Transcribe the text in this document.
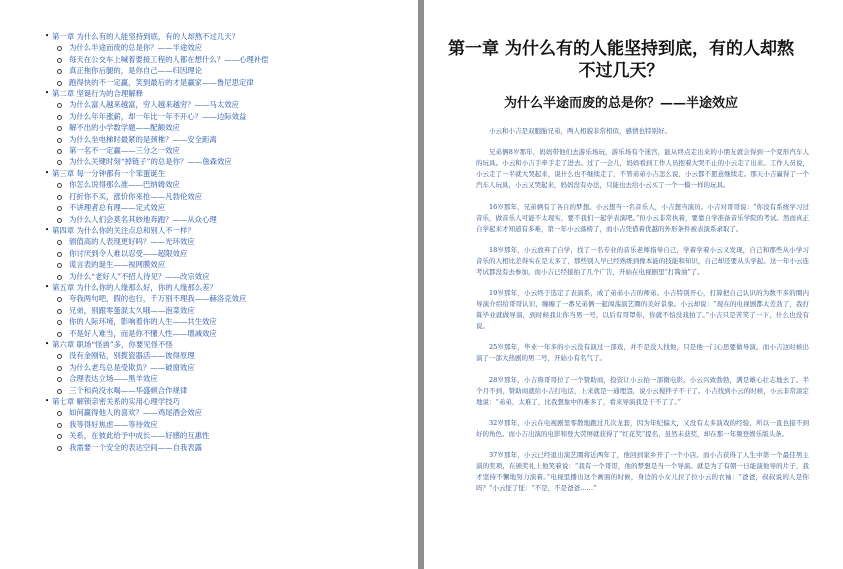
• 第一章 为什么有的人能坚持到底，有的人却熬不过几天？
为什么半途而废的总是你？——半途效应
每天在公交车上喊着要接工程的人都在想什么？——心理补偿
真正拖你后腿的，是你自己——归因理论
跑得快的不一定赢，笑到最后的才是赢家——鲁尼思定律
• 第二章 坚诞行为的合理解释
为什么富人越来越富，穷人越来越穷？——马太效应
为什么年年涨薪，却一年比一年不开心？——边际效益
解不出的小学数学题——配额效应
为什么坐电梯时最紧的是颈椎？——安全距离
第一名不一定赢——三分之一效应
为什么关键时刻“掉链子”的总是你？——詹森效应
• 第三章 每一分钟都有一个笨蛋诞生
你怎么说得那么准——巴纳姆效应
打折你不买，涨价你来抢——凡勃伦效应
不讲理者总有理——定式效应
为什么人们会莫名其妙地奔跑？——从众心理
• 第四章 为什么你的关注点总和别人不一样？
颁值高的人表现更好吗？——光环效应
你讨厌到令人难以忍受——超限效应
谎言表的诞生——视网膜效应
为什么“老好人”不招人待见？——改宗效应
• 第五章 为什么你的人缘那么好，你的人缘那么差？
夸我两句吧，假的也行，千万别不理我——赫洛克效应
兄弟，别跟零蛋混太久哦——泡菜效应
你的人际环境，影响着你的人生——共生效应
不是好人难当，而是你不懂人性——增减效应
• 第六章 职场“怪兽”多，你要见怪不怪
没有金刚钻，别揽瓷器活——彼得原理
为什么老鸟总是受欺负？——破窗效应
合理表达立场——黑羊效应
三个和尚没水喝——华盛顿合作规律
• 第七章 解锁亲密关系的实用心理学技巧
如何赢得他人的喜欢？——鸡尾酒会效应
我等得好焦虑——等待效应
关系，在彼此给予中成长——好感的互惠性
我需要一个安全的表达空间——自我表露
第一章 为什么有的人能坚持到底，有的人却熬不过几天？
为什么半途而废的总是你？——半途效应

小云和小吉是双胞胎兄弟，两人相貌非常相似，感情也特别好。

兄弟俩8岁那年，妈妈带他们去游乐场玩，游乐场有个迷宫，能从终点走出来的小朋友就会得到一个变形汽车人的玩具。小云和小吉手牵手走了进去。过了一会儿，妈妈看到工作人员抱着大哭不止的小云走了出来。工作人员说，小云走了一半就大哭起来，说什么也不继续走了，不管弟弟小吉怎么说，小云都不愿意继续走。那天小吉赢得了一个汽车人玩具，小云又哭起来，妈妈没有办法，只能也去给小云买了一个一模一样的玩具。

16岁那年，兄弟俩有了各自的梦想。小云想当一名音乐人，小吉想当演员。小吉对哥哥说：“你没有系统学习过音乐，做音乐人可能不太现实，要不我们一起学表演吧。”但小云非常执着，要靠自学准备音乐学院的考试。然而真正自学起来才知道有多难，第一年小云落榜了，而小吉凭借着优越的外形条件被表演系录取了。

18岁那年，小云放弃了自学，找了一名专业的音乐老师指导自己，学着学着小云又发现，自己和那些从小学习音乐的人相比差得实在是太多了，那些别人早已经熟练到像本能的技能和知识，自己却还要从头学起。这一年小云连考试都没有去参加，而小吉已经接拍了几个广告，开始在电视剧里“打酱油”了。

19岁那年，小云终于选定了表演系，成了弟弟小吉的师弟。小吉特别开心，打算把自己认识的为数不多的圈内导演介绍给哥哥认识，缠缠了一番兄弟俩一起闯荡演艺圈的美好景象。小云却说：“现在的电视剧都太差劲了，我打算毕业就做导演，到时候我让你当男一号，以后有哥罩你，你就不怕没戏拍了。”小吉只是苦笑了一下，什么也没有说。

25岁那年，毕业一年多的小云没有演过一部戏，并不是没人找他，只是他一门心思要做导演。而小吉这时候出演了一部大热剧的男二号，开始小有名气了。

28岁那年，小吉将哥哥拉了一个赞助商，投资让小云拍一部微电影。小云兴致勃勃，满是雄心壮志地去了。半个月不到，赞助商就给小吉打电话，上来就是一通埋怨，说小云搅拌子不干了。小吉找到小云的时候，小云非常淡定地说：“弟弟，太难了，比我想象中的难多了，看来导演我是干不了了。”

32岁那年，小云在电视剧里零散地跑过几次龙套，因为年纪偏大，又没有太多演戏的经验，所以一直也接不到好的角色。而小吉出演的电影和登大荧屏就获得了“红花奖”提名，虽然未获奖，却在那一年频登娱乐版头条。

37岁那年，小云已经退出演艺圈将近两年了，他回到家乡开了一个小店。而小吉获得了人生中第一个最佳男主演的奖项，在颁奖礼上他笑着说：“我有一个哥哥，他的梦想是当一个导演。就是为了有朝一日能演他导的片子，我才坚持不懈地努力演着。”电视里播出这个画面的时候，身边的小女儿拉了拉小云的衣袖：“爸爸，叔叔说的人是你吗？”小云怔了怔：“不是，不是爸爸……”
